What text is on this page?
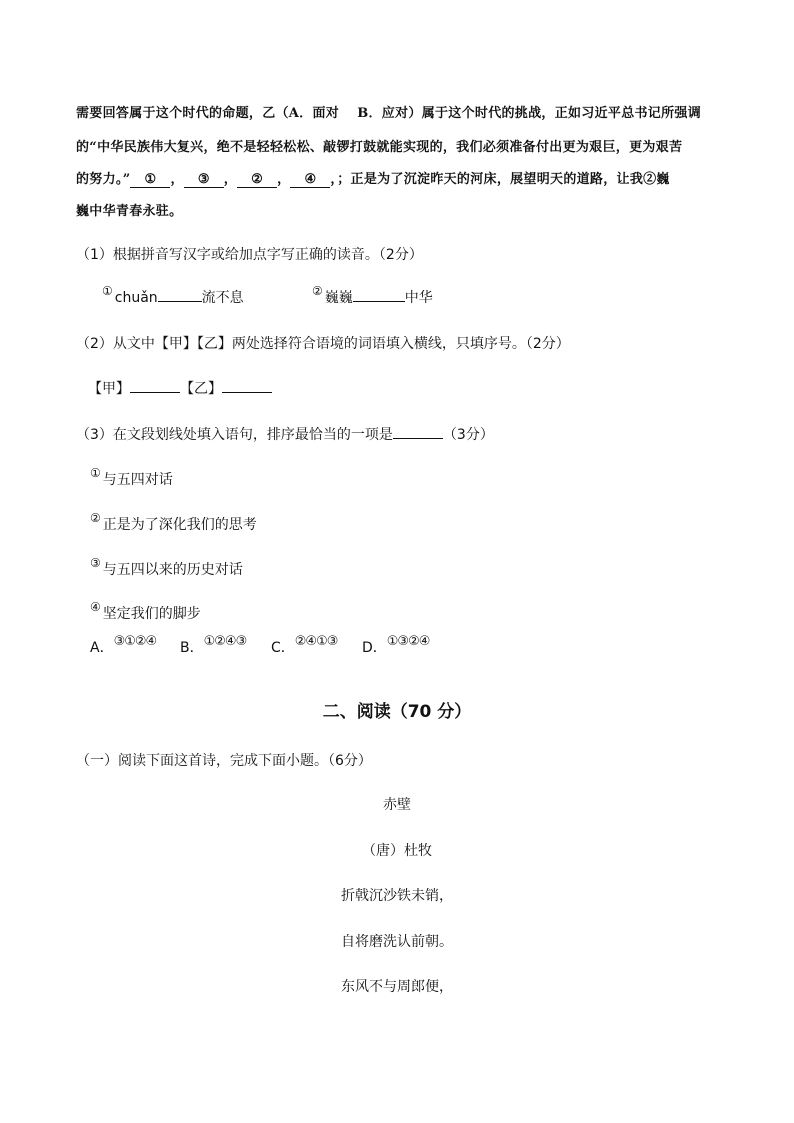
需要回答属于这个时代的命题，乙（A．面对　 B．应对）属于这个时代的挑战，正如习近平总书记所强调
的“中华民族伟大复兴，绝不是轻轻松松、敲锣打鼓就能实现的，我们必须准备付出更为艰巨，更为艰苦
的努力。” ① ， ③ ， ② ， ④ ，；正是为了沉淀昨天的河床，展望明天的道路，让我②巍
巍中华青春永驻。
（1）根据拼音写汉字或给加点字写正确的读音。（2分）
① chuǎn	流不息	② 巍巍	中华
（2）从文中【甲】【乙】两处选择符合语境的词语填入横线，只填序号。（2分）
【甲】	【乙】
（3）在文段划线处填入语句，排序最恰当的一项是	（3分）
① 与五四对话
② 正是为了深化我们的思考
③ 与五四以来的历史对话
④ 坚定我们的脚步
A．③①②④ B．①②④③ C．②④①③ D．①③②④
二、阅读（70 分）
（一）阅读下面这首诗，完成下面小题。（6分）
赤壁
（唐）杜牧
折戟沉沙铁未销，
自将磨洗认前朝。
东风不与周郎便，
